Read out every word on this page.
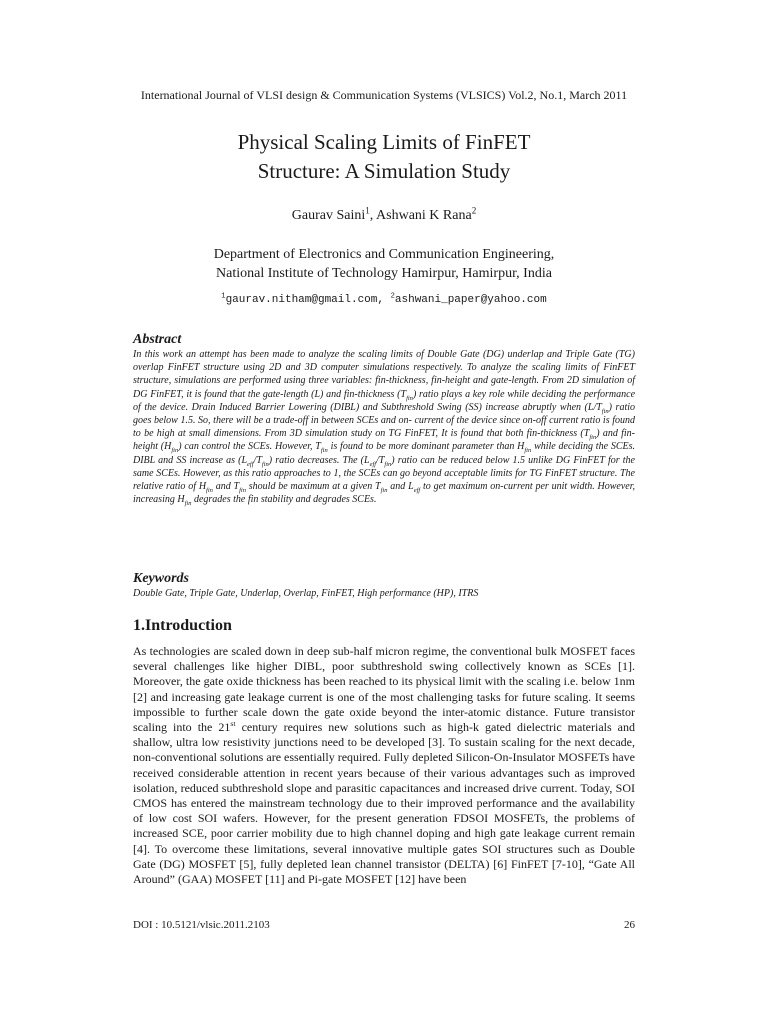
International Journal of VLSI design & Communication Systems (VLSICS) Vol.2, No.1, March 2011
Physical Scaling Limits of FinFET
Structure: A Simulation Study
Gaurav Saini$^1$, Ashwani K Rana$^2$
Department of Electronics and Communication Engineering,
National Institute of Technology Hamirpur, Hamirpur, India
$^1$gaurav.nitham@gmail.com, $^2$ashwani_paper@yahoo.com
Abstract

In this work an attempt has been made to analyze the scaling limits of Double Gate (DG) underlap and Triple Gate (TG) overlap FinFET structure using 2D and 3D computer simulations respectively. To analyze the scaling limits of FinFET structure, simulations are performed using three variables: fin-thickness, fin-height and gate-length. From 2D simulation of DG FinFET, it is found that the gate-length (L) and fin-thickness $(T_{fin})$ ratio plays a key role while deciding the performance of the device. Drain Induced Barrier Lowering (DIBL) and Subthreshold Swing (SS) increase abruptly when $(L/T_{fin})$ ratio goes below 1.5. So, there will be a trade-off in between SCEs and on- current of the device since on-off current ratio is found to be high at small dimensions. From 3D simulation study on TG FinFET, It is found that both fin-thickness $(T_{fin})$ and fin-height $(H_{fin})$ can control the SCEs. However, $T_{fin}$ is found to be more dominant parameter than $H_{fin}$ while deciding the SCEs. DIBL and SS increase as $(L_{eff}/T_{fin})$ ratio decreases. The $(L_{eff}/T_{fin})$ ratio can be reduced below 1.5 unlike DG FinFET for the same SCEs. However, as this ratio approaches to 1, the SCEs can go beyond acceptable limits for TG FinFET structure. The relative ratio of $H_{fin}$ and $T_{fin}$ should be maximum at a given $T_{fin}$ and $L_{eff}$ to get maximum on-current per unit width. However, increasing $H_{fin}$ degrades the fin stability and degrades SCEs.

Keywords
Double Gate, Triple Gate, Underlap, Overlap, FinFET, High performance (HP), ITRS
1.Introduction

As technologies are scaled down in deep sub-half micron regime, the conventional bulk MOSFET faces several challenges like higher DIBL, poor subthreshold swing collectively known as SCEs [1]. Moreover, the gate oxide thickness has been reached to its physical limit with the scaling i.e. below 1nm [2] and increasing gate leakage current is one of the most challenging tasks for future scaling. It seems impossible to further scale down the gate oxide beyond the inter-atomic distance. Future transistor scaling into the 21st century requires new solutions such as high-k gated dielectric materials and shallow, ultra low resistivity junctions need to be developed [3]. To sustain scaling for the next decade, non-conventional solutions are essentially required. Fully depleted Silicon-On-Insulator MOSFETs have received considerable attention in recent years because of their various advantages such as improved isolation, reduced subthreshold slope and parasitic capacitances and increased drive current. Today, SOI CMOS has entered the mainstream technology due to their improved performance and the availability of low cost SOI wafers. However, for the present generation FDSOI MOSFETs, the problems of increased SCE, poor carrier mobility due to high channel doping and high gate leakage current remain [4]. To overcome these limitations, several innovative multiple gates SOI structures such as Double Gate (DG) MOSFET [5], fully depleted lean channel transistor (DELTA) [6] FinFET [7-10], “Gate All Around” (GAA) MOSFET [11] and Pi-gate MOSFET [12] have been

DOI : 10.5121/vlsic.2011.2103	26
